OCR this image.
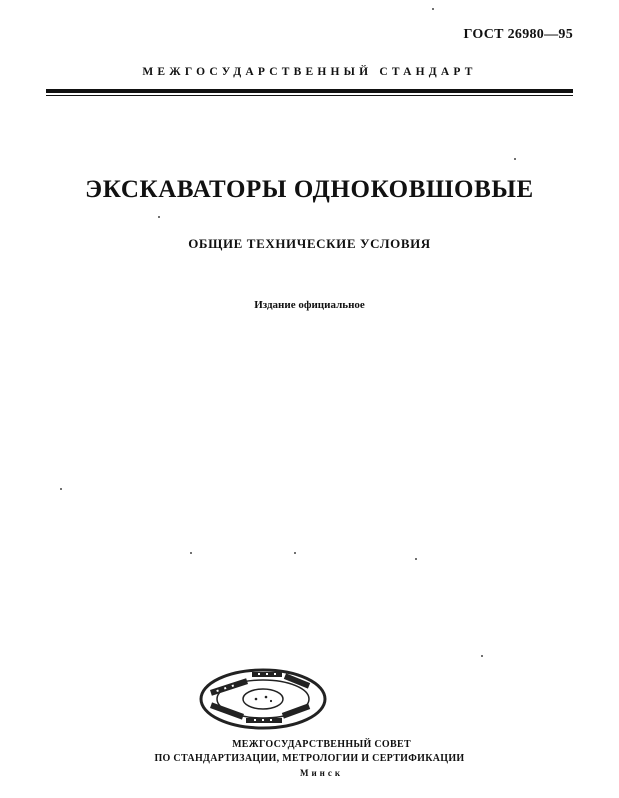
ГОСТ 26980—95
МЕЖГОСУДАРСТВЕННЫЙ СТАНДАРТ
ЭКСКАВАТОРЫ ОДНОКОВШОВЫЕ
ОБЩИЕ ТЕХНИЧЕСКИЕ УСЛОВИЯ
Издание официальное
МЕЖГОСУДАРСТВЕННЫЙ СОВЕТ
ПО СТАНДАРТИЗАЦИИ, МЕТРОЛОГИИ И СЕРТИФИКАЦИИ
Минск
